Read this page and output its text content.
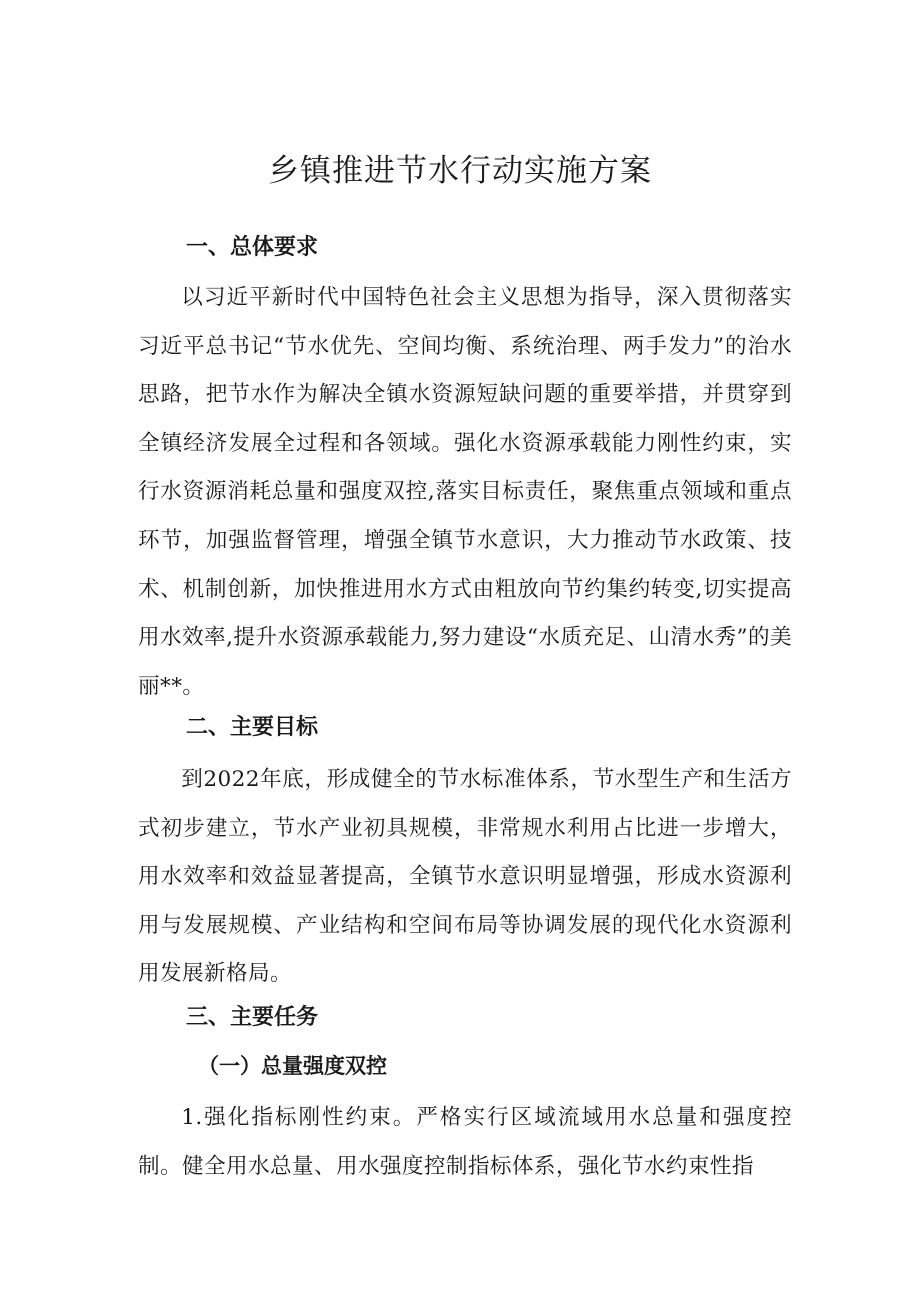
乡镇推进节水行动实施方案
一、总体要求

以习近平新时代中国特色社会主义思想为指导，深入贯彻落实习近平总书记“节水优先、空间均衡、系统治理、两手发力”的治水思路，把节水作为解决全镇水资源短缺问题的重要举措，并贯穿到全镇经济发展全过程和各领域。强化水资源承载能力刚性约束，实行水资源消耗总量和强度双控,落实目标责任，聚焦重点领域和重点环节，加强监督管理，增强全镇节水意识，大力推动节水政策、技术、机制创新，加快推进用水方式由粗放向节约集约转变,切实提高用水效率,提升水资源承载能力,努力建设“水质充足、山清水秀”的美丽**。

二、主要目标

到2022年底，形成健全的节水标准体系，节水型生产和生活方式初步建立，节水产业初具规模，非常规水利用占比进一步增大，用水效率和效益显著提高，全镇节水意识明显增强，形成水资源利用与发展规模、产业结构和空间布局等协调发展的现代化水资源利用发展新格局。

三、主要任务
（一）总量强度双控

1.强化指标刚性约束。严格实行区域流域用水总量和强度控制。健全用水总量、用水强度控制指标体系，强化节水约束性指
